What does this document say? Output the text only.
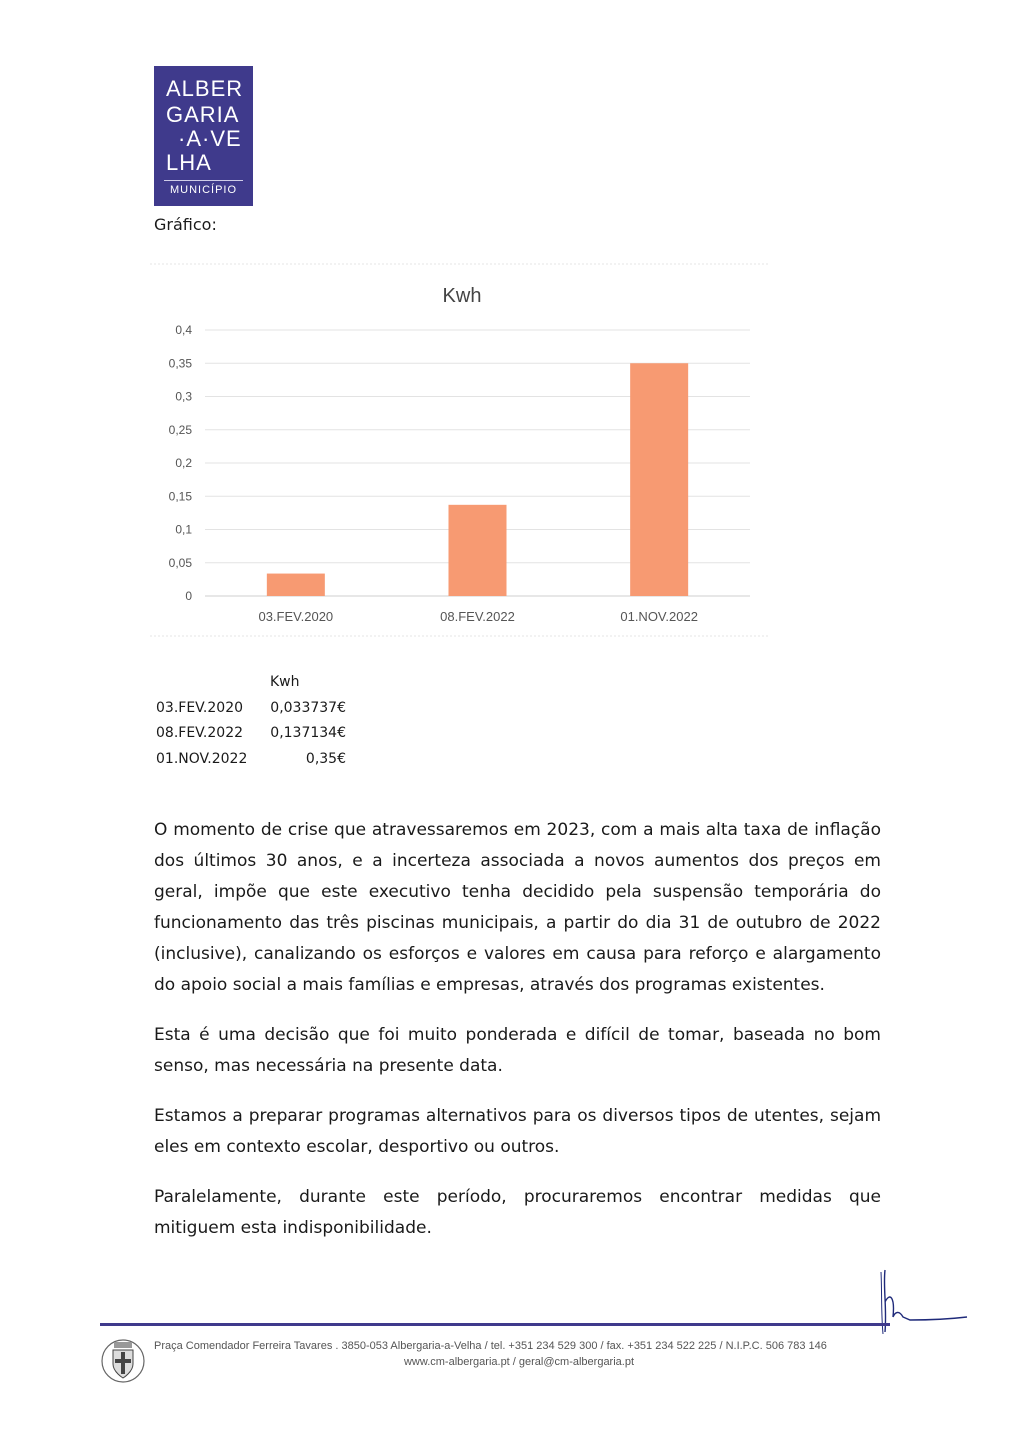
ALBER
GARIA
·A·VE
LHA
MUNICÍPIO
Gráfico:
Kwh
0
0,05
0,1
0,15
0,2
0,25
0,3
0,35
0,4
03.FEV.2020	08.FEV.2022	01.NOV.2022
Kwh
03.FEV.2020 0,033737€
08.FEV.2022 0,137134€
01.NOV.2022	0,35€

O momento de crise que atravessaremos em 2023, com a mais alta taxa de inflação dos últimos 30 anos, e a incerteza associada a novos aumentos dos preços em geral, impõe que este executivo tenha decidido pela suspensão temporária do funcionamento das três piscinas municipais, a partir do dia 31 de outubro de 2022 (inclusive), canalizando os esforços e valores em causa para reforço e alargamento do apoio social a mais famílias e empresas, através dos programas existentes.

Esta é uma decisão que foi muito ponderada e difícil de tomar, baseada no bom senso, mas necessária na presente data.

Estamos a preparar programas alternativos para os diversos tipos de utentes, sejam eles em contexto escolar, desportivo ou outros.

Paralelamente, durante este período, procuraremos encontrar medidas que mitiguem esta indisponibilidade.

Praça Comendador Ferreira Tavares . 3850-053 Albergaria-a-Velha / tel. +351 234 529 300 / fax. +351 234 522 225 / N.I.P.C. 506 783 146
www.cm-albergaria.pt / geral@cm-albergaria.pt
